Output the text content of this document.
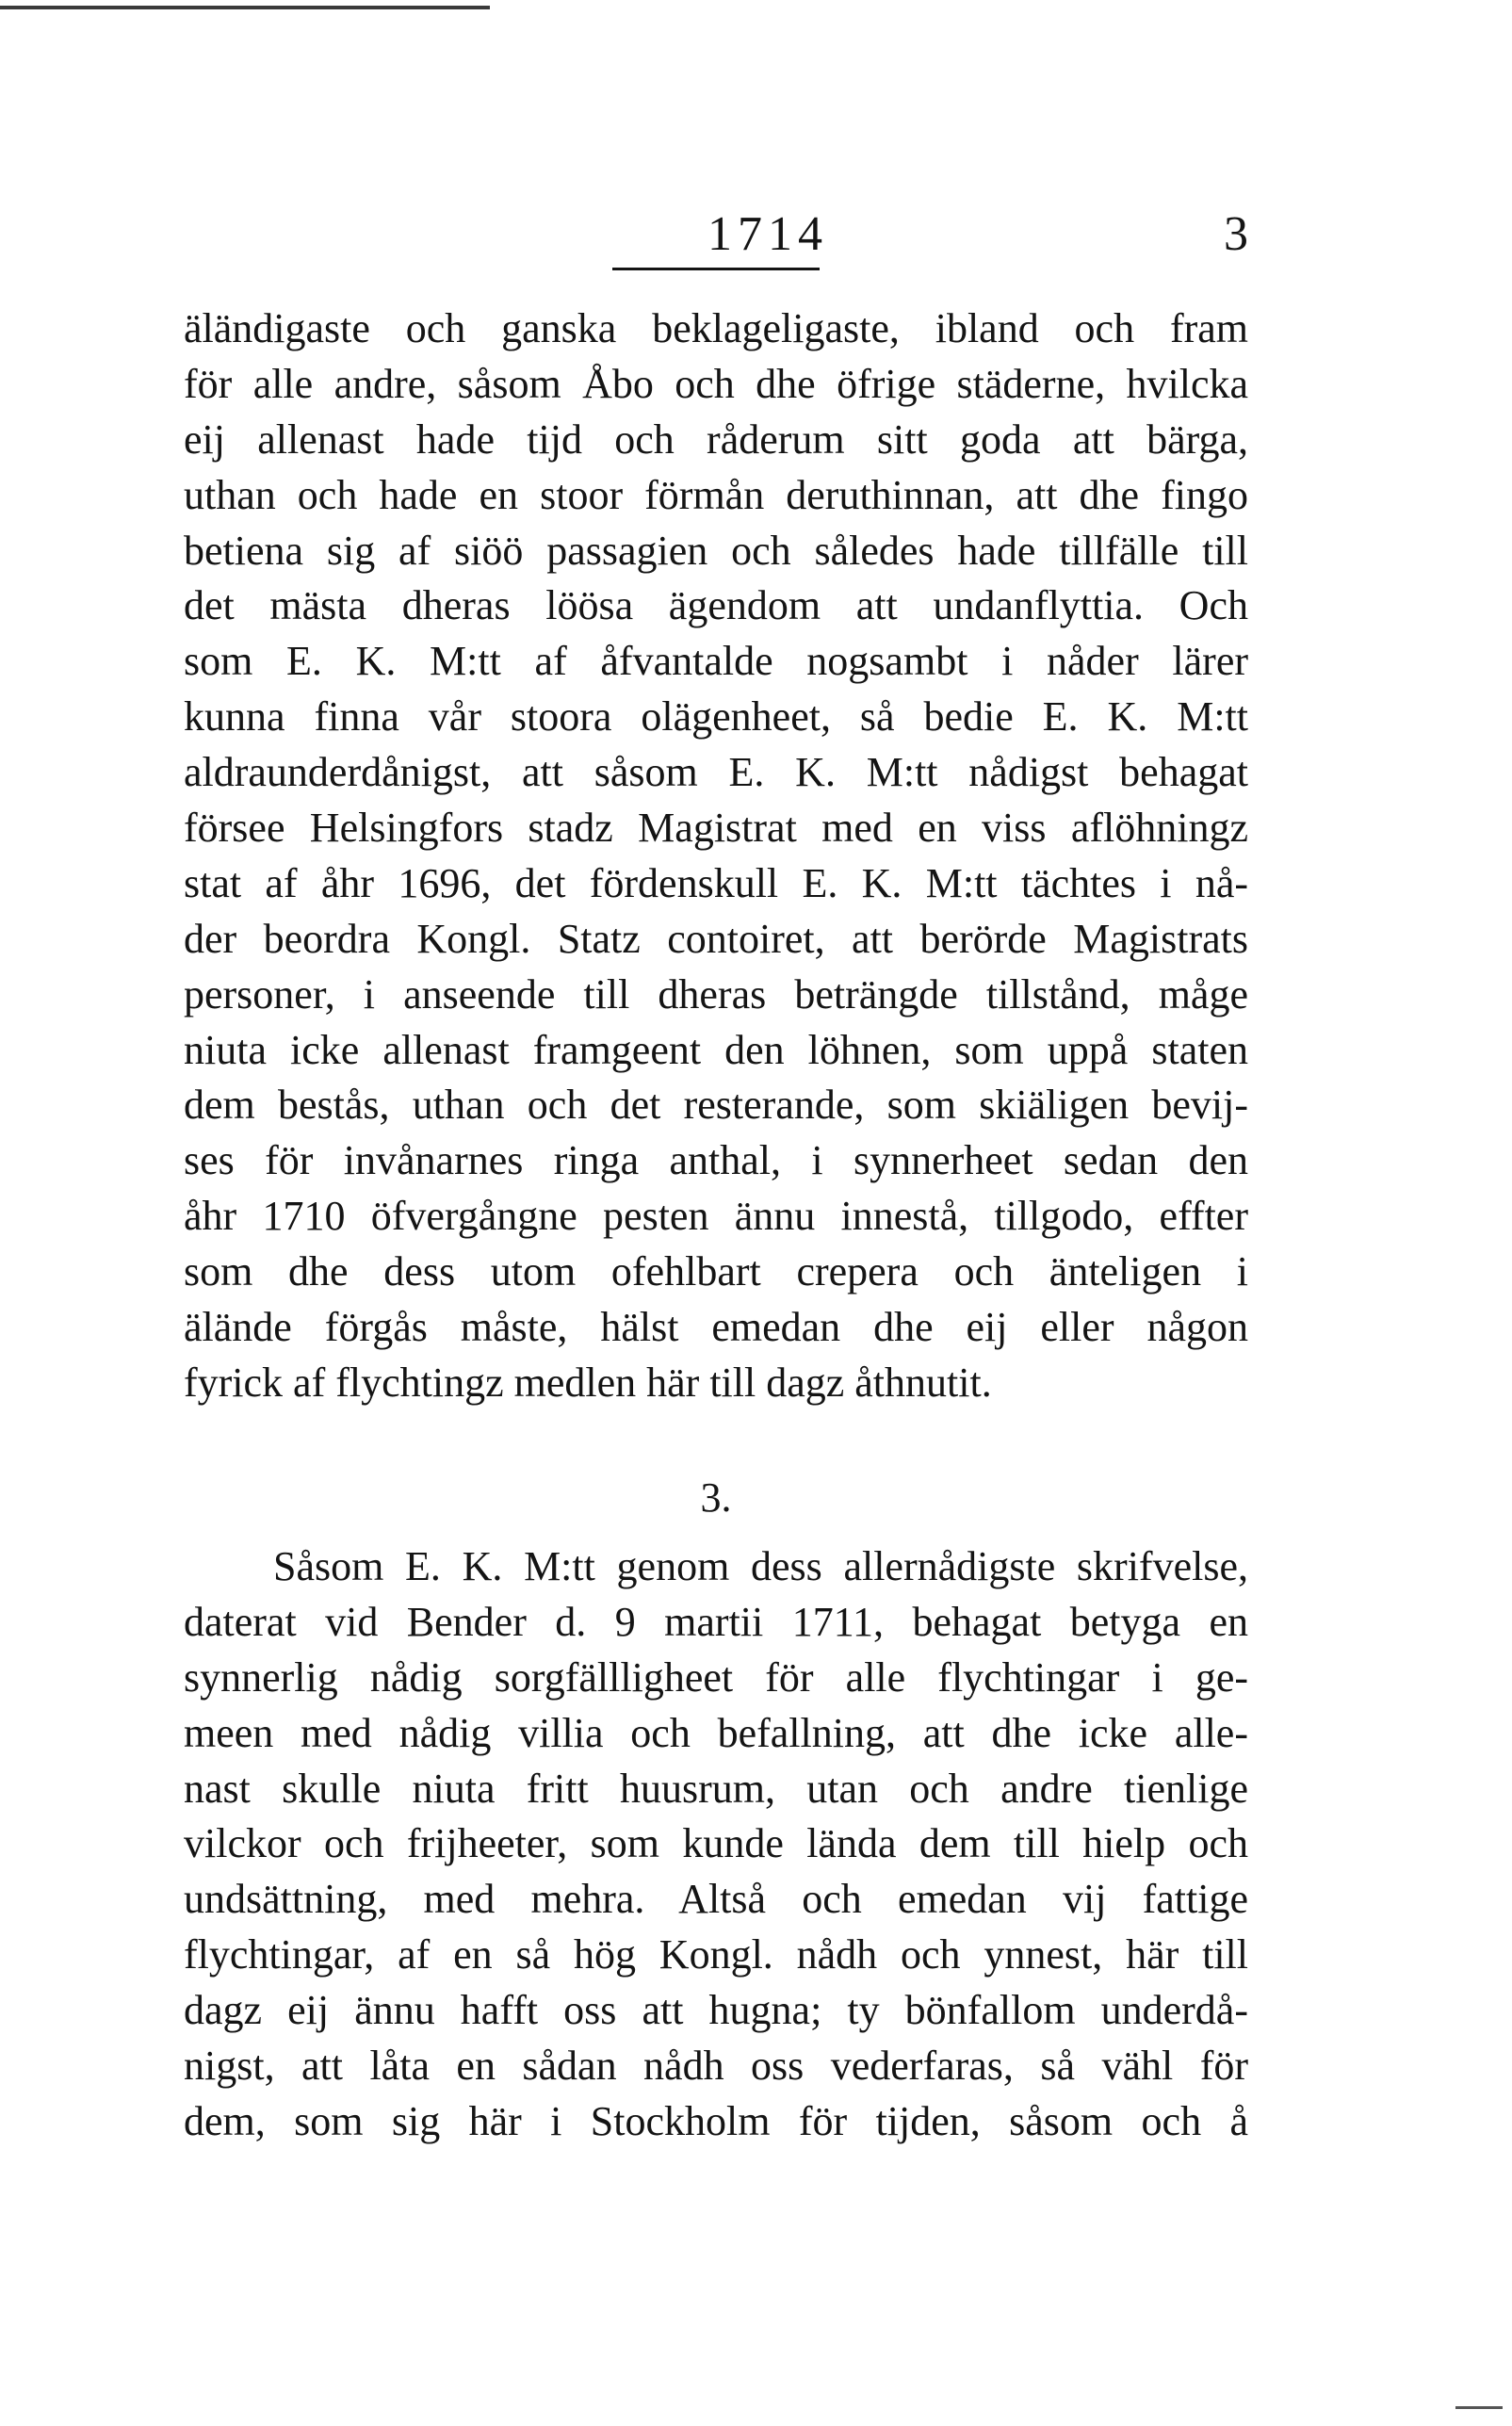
1714	3
äländigaste och ganska beklageligaste, ibland och fram
för alle andre, såsom Åbo och dhe öfrige städerne, hvilcka
eij allenast hade tijd och råderum sitt goda att bärga,
uthan och hade en stoor förmån deruthinnan, att dhe fingo
betiena sig af siöö passagien och således hade tillfälle till
det mästa dheras löösa ägendom att undanflyttia. Och
som E. K. M:tt af åfvantalde nogsambt i nåder lärer
kunna finna vår stoora olägenheet, så bedie E. K. M:tt
aldraunderdånigst, att såsom E. K. M:tt nådigst behagat
försee Helsingfors stadz Magistrat med en viss aflöhningz
stat af åhr 1696, det fördenskull E. K. M:tt tächtes i nå-
der beordra Kongl. Statz contoiret, att berörde Magistrats
personer, i anseende till dheras beträngde tillstånd, måge
niuta icke allenast framgeent den löhnen, som uppå staten
dem bestås, uthan och det resterande, som skiäligen bevij-
ses för invånarnes ringa anthal, i synnerheet sedan den
åhr 1710 öfvergångne pesten ännu innestå, tillgodo, effter
som dhe dess utom ofehlbart crepera och änteligen i
äländе förgås måste, hälst emedan dhe eij eller någon
fyrick af flychtingz medlen här till dagz åthnutit.
3.
Såsom E. K. M:tt genom dess allernådigste skrifvelse,
daterat vid Bender d. 9 martii 1711, behagat betyga en
synnerlig nådig sorgfällligheet för alle flychtingar i ge-
meen med nådig villia och befallning, att dhe icke alle-
nast skulle niuta fritt huusrum, utan och andre tienlige
vilckor och frijheeter, som kunde lända dem till hielp och
undsättning, med mehra. Altså och emedan vij fattige
flychtingar, af en så hög Kongl. nådh och ynnest, här till
dagz eij ännu hafft oss att hugna; ty bönfallom underdå-
nigst, att låta en sådan nådh oss vederfaras, så vähl för
dem, som sig här i Stockholm för tijden, såsom och å
